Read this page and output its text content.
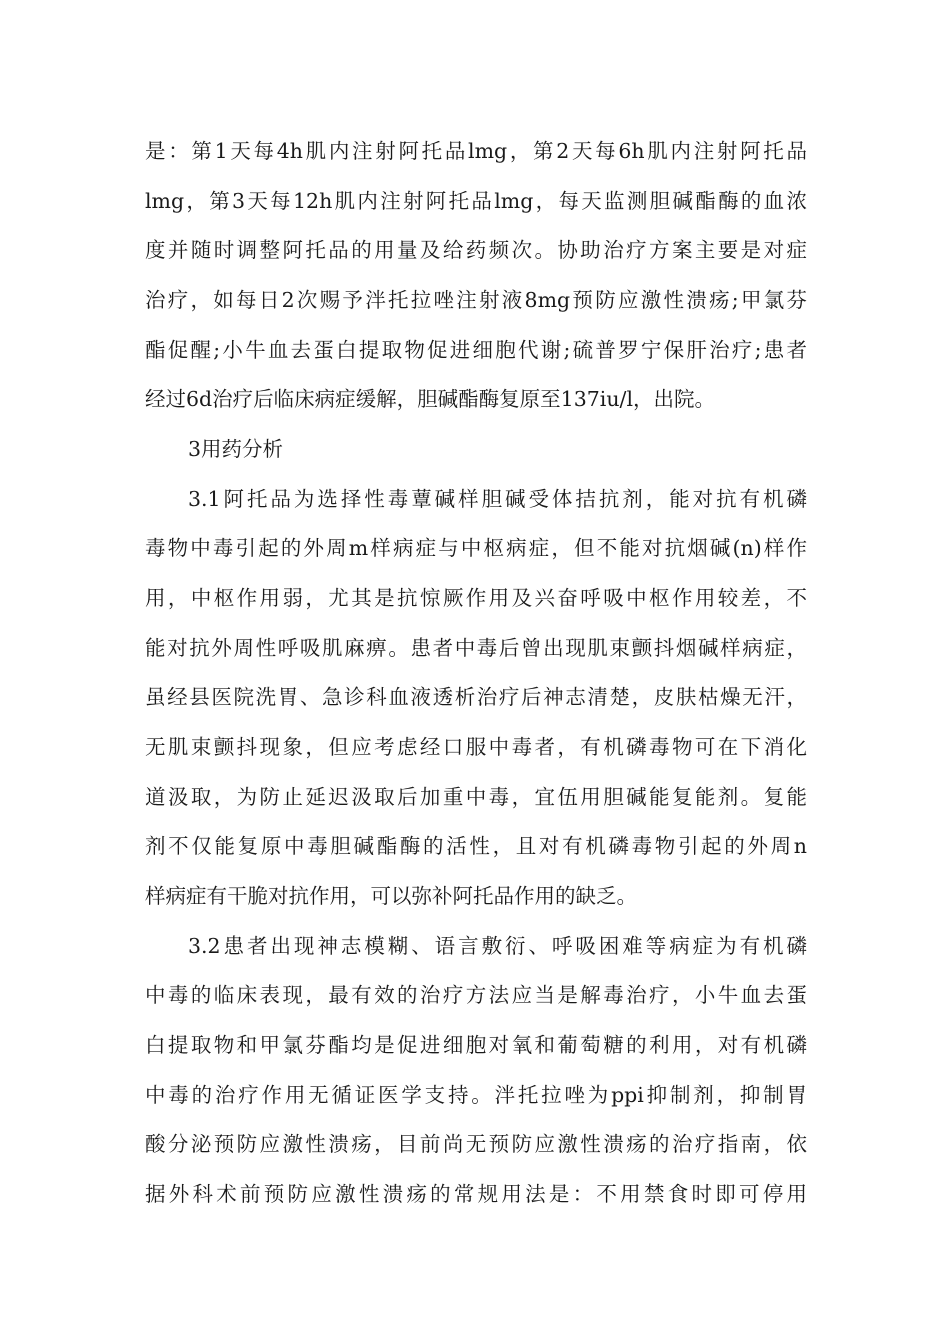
是：第1天每4h肌内注射阿托品lmg，第2天每6h肌内注射阿托品
lmg，第3天每12h肌内注射阿托品lmg，每天监测胆碱酯酶的血浓
度并随时调整阿托品的用量及给药频次。协助治疗方案主要是对症
治疗，如每日2次赐予泮托拉唑注射液8mg预防应激性溃疡;甲氯芬
酯促醒;小牛血去蛋白提取物促进细胞代谢;硫普罗宁保肝治疗;患者
经过6d治疗后临床病症缓解，胆碱酯酶复原至137iu/l，出院。
3用药分析
3.1阿托品为选择性毒蕈碱样胆碱受体拮抗剂，能对抗有机磷
毒物中毒引起的外周m样病症与中枢病症，但不能对抗烟碱(n)样作
用，中枢作用弱，尤其是抗惊厥作用及兴奋呼吸中枢作用较差，不
能对抗外周性呼吸肌麻痹。患者中毒后曾出现肌束颤抖烟碱样病症，
虽经县医院洗胃、急诊科血液透析治疗后神志清楚，皮肤枯燥无汗，
无肌束颤抖现象，但应考虑经口服中毒者，有机磷毒物可在下消化
道汲取，为防止延迟汲取后加重中毒，宜伍用胆碱能复能剂。复能
剂不仅能复原中毒胆碱酯酶的活性，且对有机磷毒物引起的外周n
样病症有干脆对抗作用，可以弥补阿托品作用的缺乏。
3.2患者出现神志模糊、语言敷衍、呼吸困难等病症为有机磷
中毒的临床表现，最有效的治疗方法应当是解毒治疗，小牛血去蛋
白提取物和甲氯芬酯均是促进细胞对氧和葡萄糖的利用，对有机磷
中毒的治疗作用无循证医学支持。泮托拉唑为ppi抑制剂，抑制胃
酸分泌预防应激性溃疡，目前尚无预防应激性溃疡的治疗指南，依
据外科术前预防应激性溃疡的常规用法是：不用禁食时即可停用
